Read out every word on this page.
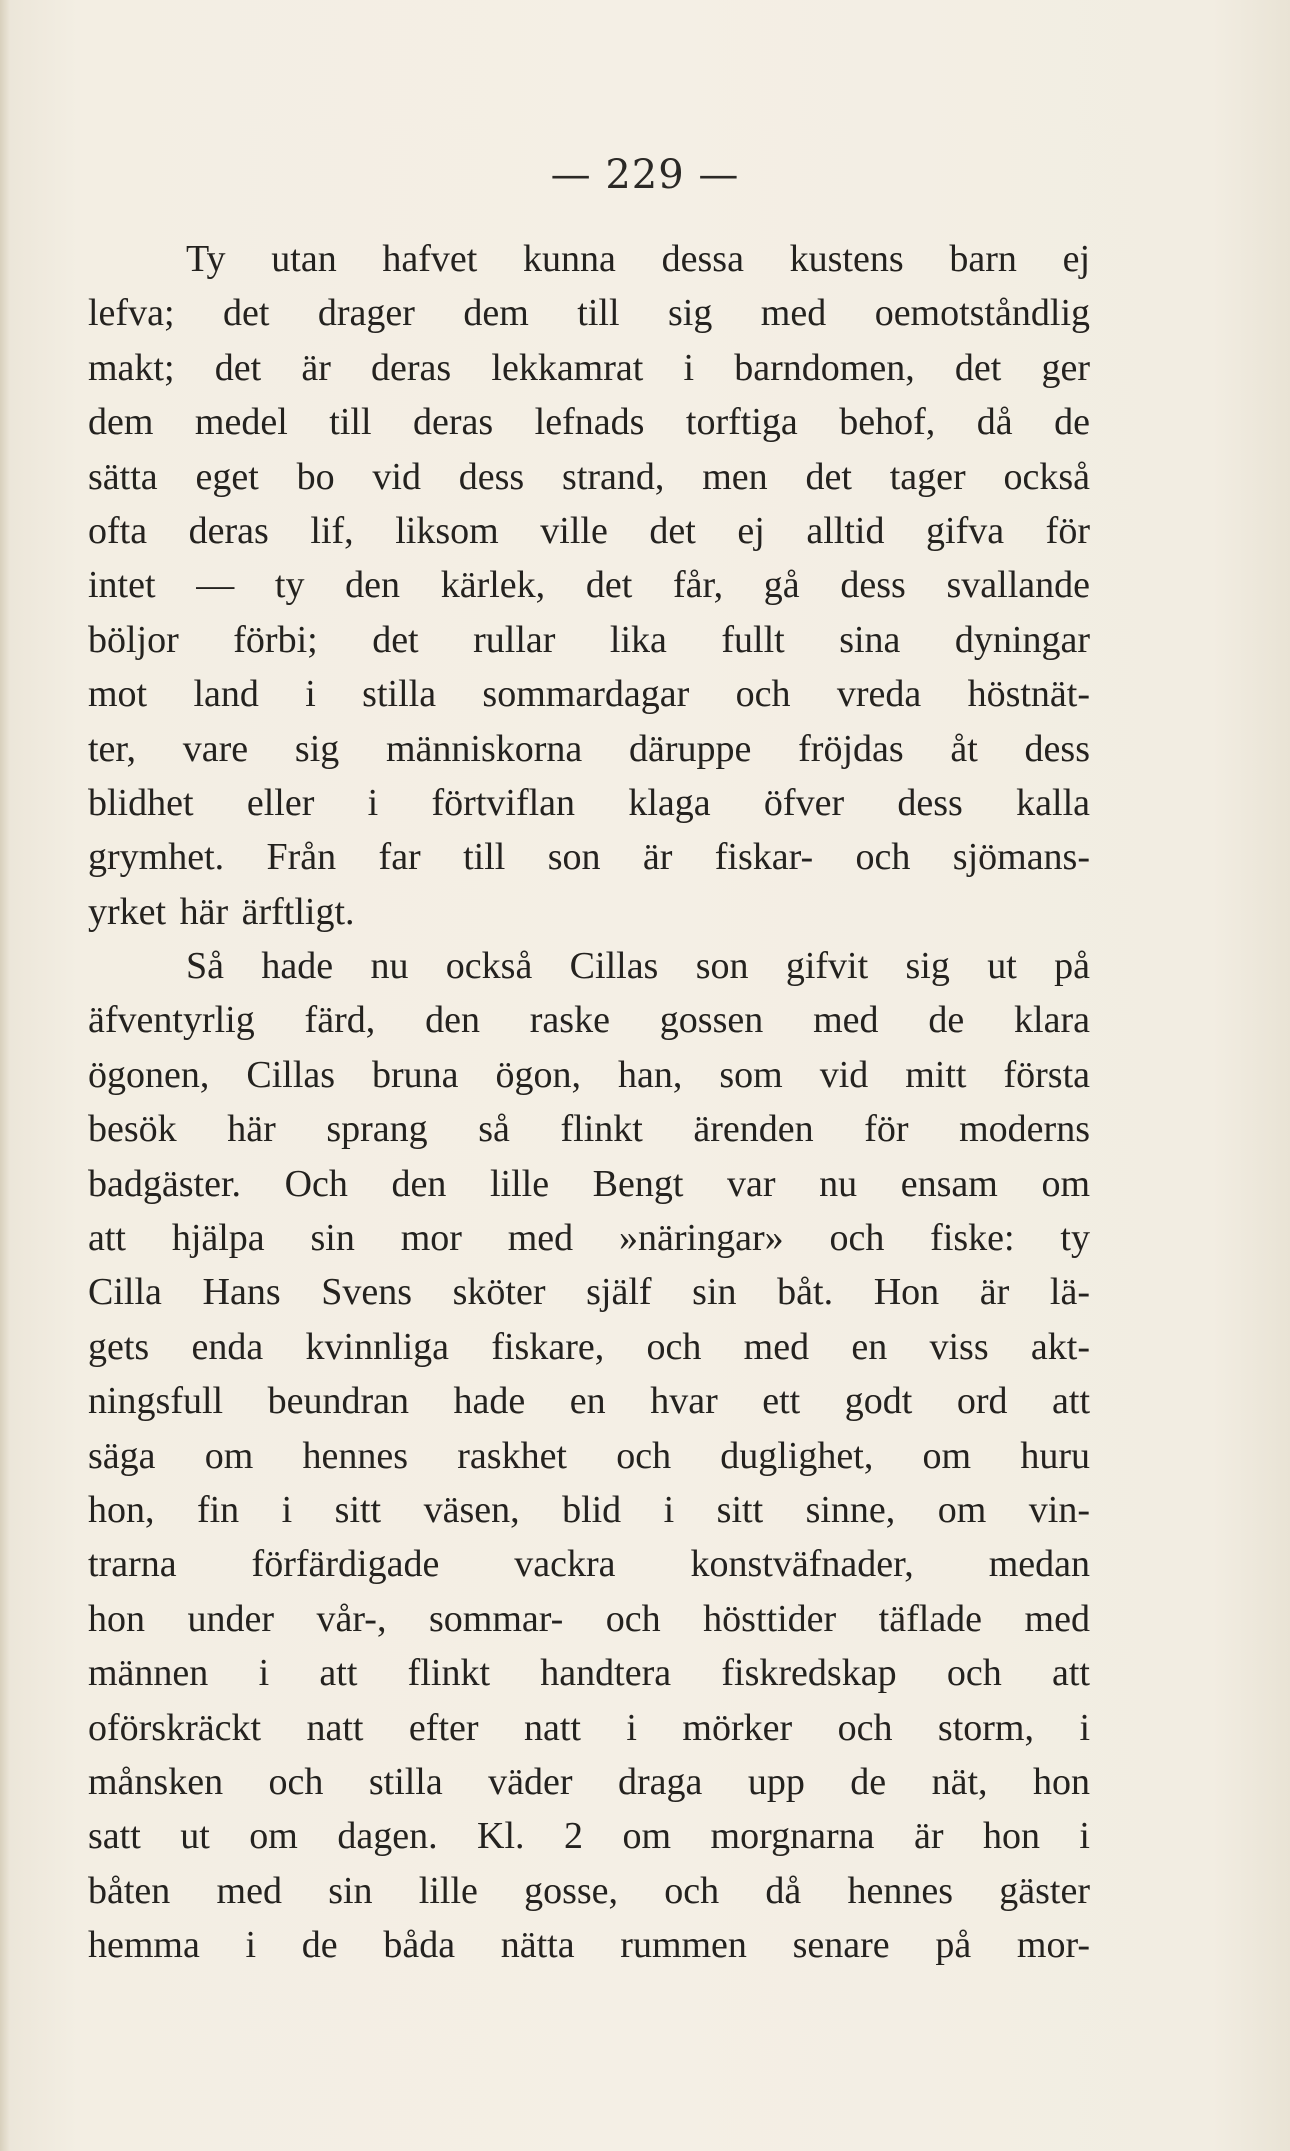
— 229 —
Ty utan hafvet kunna dessa kustens barn ej
lefva; det drager dem till sig med oemotståndlig
makt; det är deras lekkamrat i barndomen, det ger
dem medel till deras lefnads torftiga behof, då de
sätta eget bo vid dess strand, men det tager också
ofta deras lif, liksom ville det ej alltid gifva för
intet — ty den kärlek, det får, gå dess svallande
böljor förbi; det rullar lika fullt sina dyningar
mot land i stilla sommardagar och vreda höstnät-
ter, vare sig människorna däruppe fröjdas åt dess
blidhet eller i förtviflan klaga öfver dess kalla
grymhet. Från far till son är fiskar- och sjömans-
yrket här ärftligt.
Så hade nu också Cillas son gifvit sig ut på
äfventyrlig färd, den raske gossen med de klara
ögonen, Cillas bruna ögon, han, som vid mitt första
besök här sprang så flinkt ärenden för moderns
badgäster. Och den lille Bengt var nu ensam om
att hjälpa sin mor med »näringar» och fiske: ty
Cilla Hans Svens sköter själf sin båt. Hon är lä-
gets enda kvinnliga fiskare, och med en viss akt-
ningsfull beundran hade en hvar ett godt ord att
säga om hennes raskhet och duglighet, om huru
hon, fin i sitt väsen, blid i sitt sinne, om vin-
trarna förfärdigade vackra konstväfnader, medan
hon under vår-, sommar- och hösttider täflade med
männen i att flinkt handtera fiskredskap och att
oförskräckt natt efter natt i mörker och storm, i
månsken och stilla väder draga upp de nät, hon
satt ut om dagen. Kl. 2 om morgnarna är hon i
båten med sin lille gosse, och då hennes gäster
hemma i de båda nätta rummen senare på mor-
